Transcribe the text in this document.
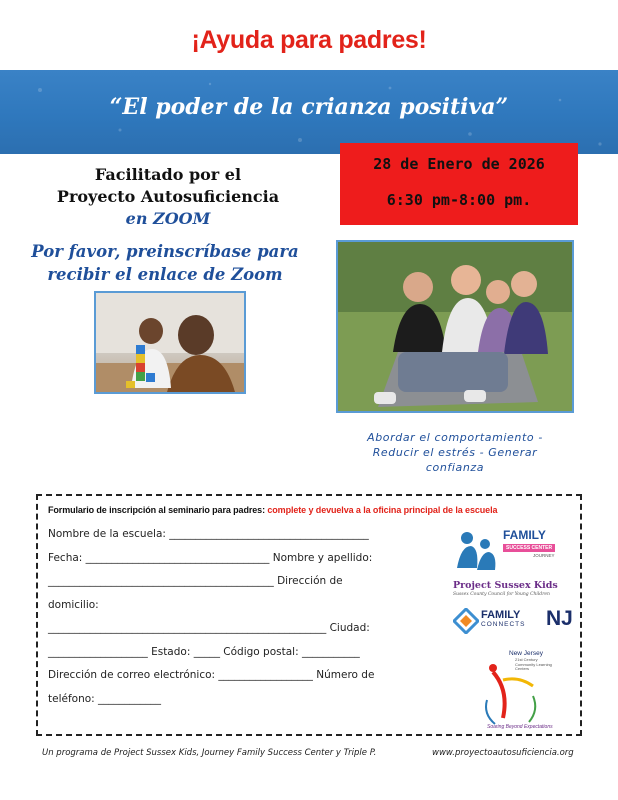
¡Ayuda para padres!
“El poder de la crianza positiva”
Facilitado por el
Proyecto Autosuficiencia
en ZOOM
28 de Enero de 2026
6:30 pm-8:00 pm.
Por favor, preinscríbase para
recibir el enlace de Zoom
Abordar el comportamiento -
Reducir el estrés - Generar
confianza
Formulario de inscripción al seminario para padres: complete y devuelva a la oficina principal de la escuela
Nombre de la escuela: ______________________________________
Fecha: ___________________________________ Nombre y apellido:
___________________________________________ Dirección de
domicilio:
_____________________________________________________ Ciudad:
___________________ Estado: _____ Código postal: ___________
Dirección de correo electrónico: __________________ Número de
teléfono: ____________
FAMILY
SUCCESS CENTER
JOURNEY
Project Sussex Kids
Sussex County Council for Young Children
FAMILY
CONNECTS NJ
New Jersey
21st Century Community Learning Centers
Soaring Beyond Expectations
Un programa de Project Sussex Kids, Journey Family Success Center y Triple P.	www.proyectoautosuficiencia.org
